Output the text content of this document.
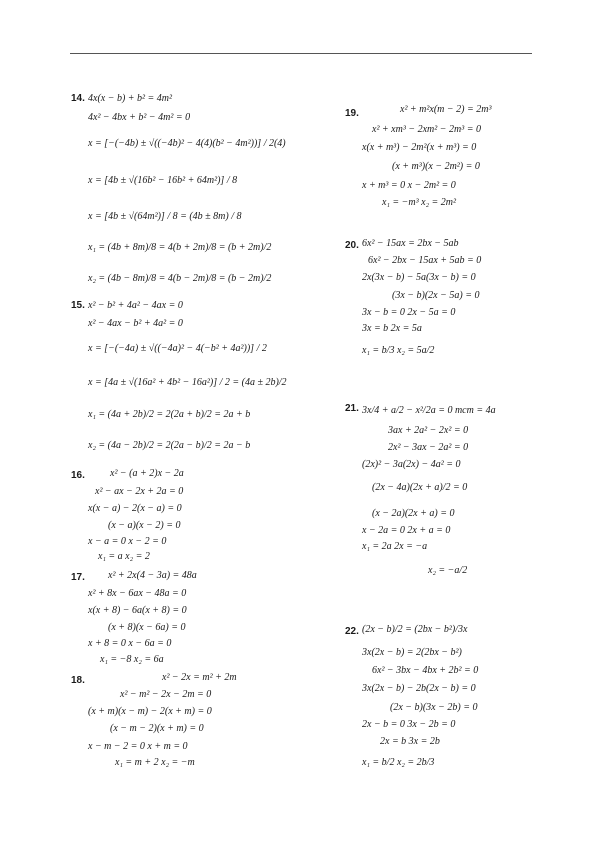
14. 4x(x − b) + b² = 4m²
4x² − 4bx + b² − 4m² = 0
x = [−(−4b) ± √((−4b)² − 4(4)(b² − 4m²))] / 2(4)
x = [4b ± √(16b² − 16b² + 64m²)] / 8
x = [4b ± √(64m²)] / 8 = (4b ± 8m) / 8
x₁ = (4b + 8m)/8 = 4(b + 2m)/8 = (b + 2m)/2
x₂ = (4b − 8m)/8 = 4(b − 2m)/8 = (b − 2m)/2
15. x² − b² + 4a² − 4ax = 0
x² − 4ax − b² + 4a² = 0
x = [−(−4a) ± √((−4a)² − 4(−b² + 4a²))] / 2
x = [4a ± √(16a² + 4b² − 16a²)] / 2 = (4a ± 2b)/2
x₁ = (4a + 2b)/2 = 2(2a + b)/2 = 2a + b
x₂ = (4a − 2b)/2 = 2(2a − b)/2 = 2a − b
16.	x² − (a + 2)x − 2a
x² − ax − 2x + 2a = 0
x(x − a) − 2(x − a) = 0
(x − a)(x − 2) = 0
x − a = 0 x − 2 = 0
x₁ = a x₂ = 2
17. x² + 2x(4 − 3a) = 48a
x² + 8x − 6ax − 48a = 0
x(x + 8) − 6a(x + 8) = 0
(x + 8)(x − 6a) = 0
x + 8 = 0 x − 6a = 0
x₁ = −8 x₂ = 6a
18.	x² − 2x = m² + 2m
x² − m² − 2x − 2m = 0
(x + m)(x − m) − 2(x + m) = 0
(x − m − 2)(x + m) = 0
x − m − 2 = 0 x + m = 0
x₁ = m + 2 x₂ = −m
19.	x² + m²x(m − 2) = 2m³
x² + xm³ − 2xm² − 2m³ = 0
x(x + m³) − 2m²(x + m³) = 0
(x + m³)(x − 2m²) = 0
x + m³ = 0 x − 2m² = 0
x₁ = −m³ x₂ = 2m²
20. 6x² − 15ax = 2bx − 5ab
6x² − 2bx − 15ax + 5ab = 0
2x(3x − b) − 5a(3x − b) = 0
(3x − b)(2x − 5a) = 0
3x − b = 0 2x − 5a = 0
3x = b 2x = 5a
x₁ = b/3 x₂ = 5a/2
21. 3x/4 + a/2 − x²/2a = 0 mcm = 4a
3ax + 2a² − 2x² = 0
2x² − 3ax − 2a² = 0
(2x)² − 3a(2x) − 4a² = 0
(2x − 4a)(2x + a)/2 = 0
(x − 2a)(2x + a) = 0
x − 2a = 0 2x + a = 0
x₁ = 2a 2x = −a
x₂ = −a/2
22. (2x − b)/2 = (2bx − b²)/3x
3x(2x − b) = 2(2bx − b²)
6x² − 3bx − 4bx + 2b² = 0
3x(2x − b) − 2b(2x − b) = 0
(2x − b)(3x − 2b) = 0
2x − b = 0 3x − 2b = 0
2x = b 3x = 2b
x₁ = b/2 x₂ = 2b/3
